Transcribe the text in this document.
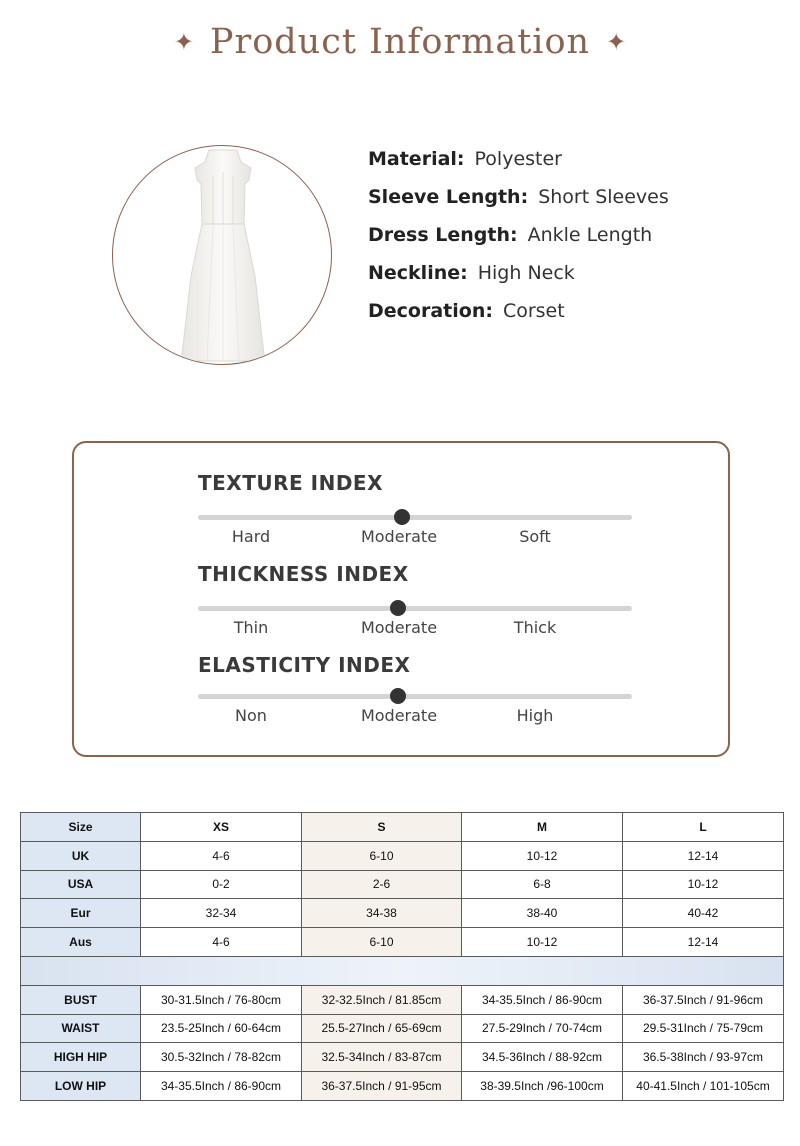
✦ Product Information ✦
Material: Polyester
Sleeve Length: Short Sleeves
Dress Length: Ankle Length
Neckline: High Neck
Decoration: Corset
TEXTURE INDEX
Hard	Moderate	Soft
THICKNESS INDEX
Thin	Moderate	Thick
ELASTICITY INDEX
Non	Moderate	High
Size	XS	S	M	L
UK	4-6	6-10	10-12	12-14
USA	0-2	2-6	6-8	10-12
Eur	32-34	34-38	38-40	40-42
Aus	4-6	6-10	10-12	12-14

BUST	30-31.5Inch / 76-80cm	32-32.5Inch / 81.85cm	34-35.5Inch / 86-90cm	36-37.5Inch / 91-96cm
WAIST	23.5-25Inch / 60-64cm	25.5-27Inch / 65-69cm	27.5-29Inch / 70-74cm	29.5-31Inch / 75-79cm
HIGH HIP	30.5-32Inch / 78-82cm	32.5-34Inch / 83-87cm	34.5-36Inch / 88-92cm	36.5-38Inch / 93-97cm
LOW HIP	34-35.5Inch / 86-90cm	36-37.5Inch / 91-95cm	38-39.5Inch /96-100cm	40-41.5Inch / 101-105cm
